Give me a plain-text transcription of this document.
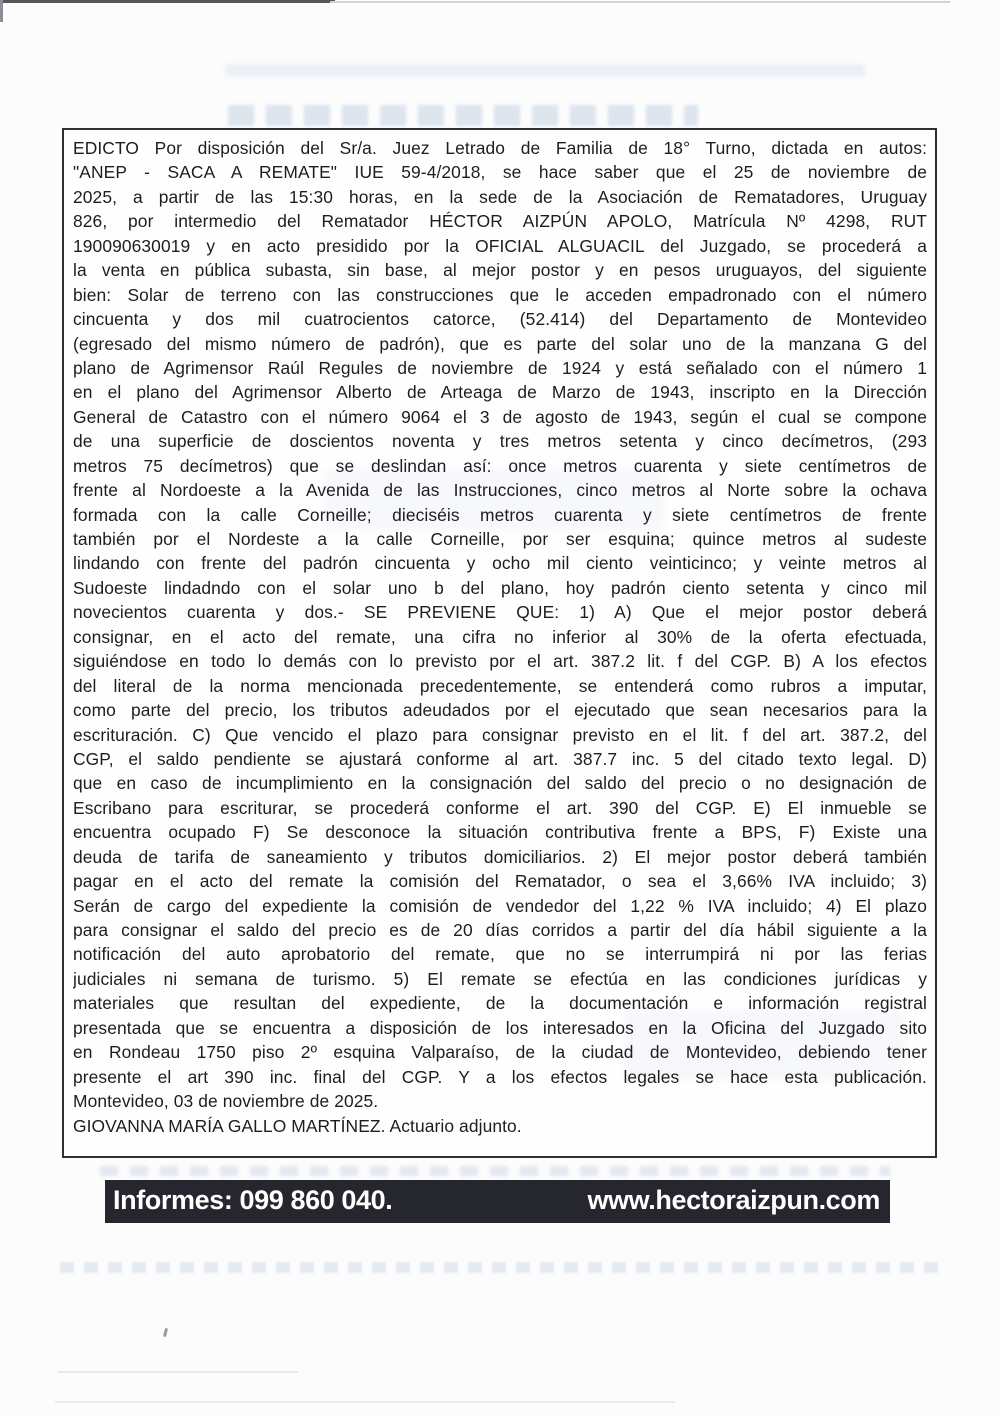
EDICTO Por disposición del Sr/a. Juez Letrado de Familia de 18° Turno, dictada en autos:
"ANEP - SACA A REMATE" IUE 59-4/2018, se hace saber que el 25 de noviembre de
2025, a partir de las 15:30 horas, en la sede de la Asociación de Rematadores, Uruguay
826, por intermedio del Rematador HÉCTOR AIZPÚN APOLO, Matrícula Nº 4298, RUT
190090630019 y en acto presidido por la OFICIAL ALGUACIL del Juzgado, se procederá a
la venta en pública subasta, sin base, al mejor postor y en pesos uruguayos, del siguiente
bien: Solar de terreno con las construcciones que le acceden empadronado con el número
cincuenta y dos mil cuatrocientos catorce, (52.414) del Departamento de Montevideo
(egresado del mismo número de padrón), que es parte del solar uno de la manzana G del
plano de Agrimensor Raúl Regules de noviembre de 1924 y está señalado con el número 1
en el plano del Agrimensor Alberto de Arteaga de Marzo de 1943, inscripto en la Dirección
General de Catastro con el número 9064 el 3 de agosto de 1943, según el cual se compone
de una superficie de doscientos noventa y tres metros setenta y cinco decímetros, (293
metros 75 decímetros) que se deslindan así: once metros cuarenta y siete centímetros de
frente al Nordoeste a la Avenida de las Instrucciones, cinco metros al Norte sobre la ochava
formada con la calle Corneille; dieciséis metros cuarenta y siete centímetros de frente
también por el Nordeste a la calle Corneille, por ser esquina; quince metros al sudeste
lindando con frente del padrón cincuenta y ocho mil ciento veinticinco; y veinte metros al
Sudoeste lindadndo con el solar uno b del plano, hoy padrón ciento setenta y cinco mil
novecientos cuarenta y dos.- SE PREVIENE QUE: 1) A) Que el mejor postor deberá
consignar, en el acto del remate, una cifra no inferior al 30% de la oferta efectuada,
siguiéndose en todo lo demás con lo previsto por el art. 387.2 lit. f del CGP. B) A los efectos
del literal de la norma mencionada precedentemente, se entenderá como rubros a imputar,
como parte del precio, los tributos adeudados por el ejecutado que sean necesarios para la
escrituración. C) Que vencido el plazo para consignar previsto en el lit. f del art. 387.2, del
CGP, el saldo pendiente se ajustará conforme al art. 387.7 inc. 5 del citado texto legal. D)
que en caso de incumplimiento en la consignación del saldo del precio o no designación de
Escribano para escriturar, se procederá conforme el art. 390 del CGP. E) El inmueble se
encuentra ocupado F) Se desconoce la situación contributiva frente a BPS, F) Existe una
deuda de tarifa de saneamiento y tributos domiciliarios. 2) El mejor postor deberá también
pagar en el acto del remate la comisión del Rematador, o sea el 3,66% IVA incluido; 3)
Serán de cargo del expediente la comisión de vendedor del 1,22 % IVA incluido; 4) El plazo
para consignar el saldo del precio es de 20 días corridos a partir del día hábil siguiente a la
notificación del auto aprobatorio del remate, que no se interrumpirá ni por las ferias
judiciales ni semana de turismo. 5) El remate se efectúa en las condiciones jurídicas y
materiales que resultan del expediente, de la documentación e información registral
presentada que se encuentra a disposición de los interesados en la Oficina del Juzgado sito
en Rondeau 1750 piso 2º esquina Valparaíso, de la ciudad de Montevideo, debiendo tener
presente el art 390 inc. final del CGP. Y a los efectos legales se hace esta publicación.
Montevideo, 03 de noviembre de 2025.
GIOVANNA MARÍA GALLO MARTÍNEZ. Actuario adjunto.
Informes: 099 860 040.	www.hectoraizpun.com
